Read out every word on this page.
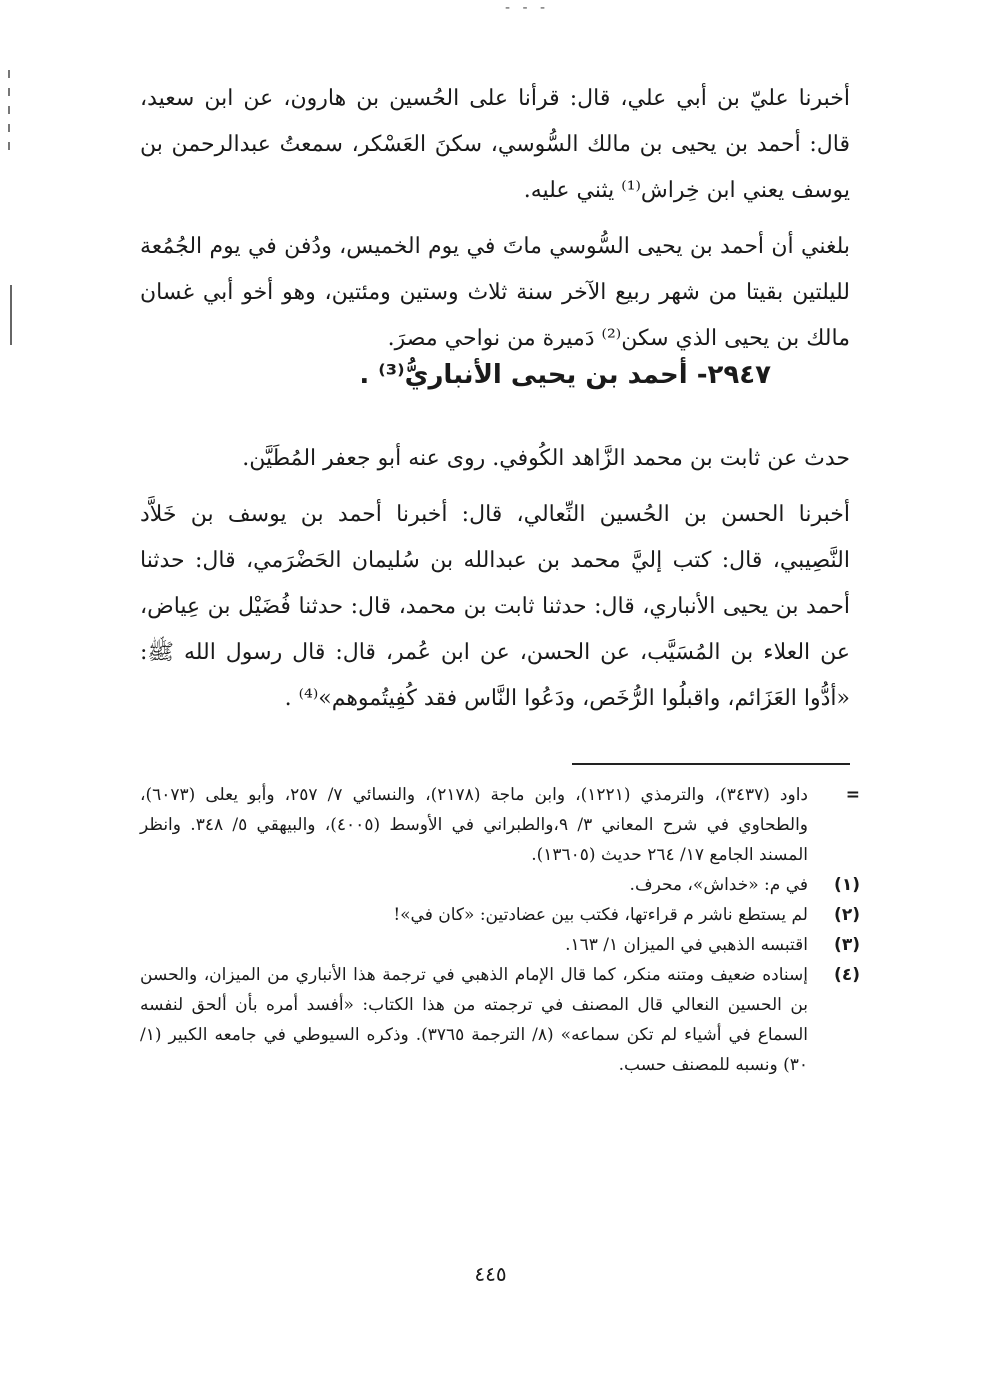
- - -

أخبرنا عليّ بن أبي علي، قال: قرأنا على الحُسين بن هارون، عن ابن سعيد، قال: أحمد بن يحيى بن مالك السُّوسي، سكنَ العَسْكر، سمعتُ عبدالرحمن بن يوسف يعني ابن خِراش⁽¹⁾ يثني عليه.

بلغني أن أحمد بن يحيى السُّوسي ماتَ في يوم الخميس، ودُفن في يوم الجُمُعة لليلتين بقيتا من شهر ربيع الآخر سنة ثلاث وستين ومئتين، وهو أخو أبي غسان مالك بن يحيى الذي سكن⁽²⁾ دَميرة من نواحي مصرَ.

٢٩٤٧- أحمد بن يحيى الأنباريُّ⁽³⁾ .

حدث عن ثابت بن محمد الزَّاهد الكُوفي. روى عنه أبو جعفر المُطَيَّن.

أخبرنا الحسن بن الحُسين النِّعالي، قال: أخبرنا أحمد بن يوسف بن خَلاَّد النَّصِيبي، قال: كتب إليَّ محمد بن عبدالله بن سُليمان الحَضْرَمي، قال: حدثنا أحمد بن يحيى الأنباري، قال: حدثنا ثابت بن محمد، قال: حدثنا فُضَيْل بن عِياض، عن العلاء بن المُسَيَّب، عن الحسن، عن ابن عُمر، قال: قال رسول الله ﷺ: «أدُّوا العَزَائم، واقبلُوا الرُّخَص، ودَعُوا النَّاس فقد كُفِيتُموهم»⁽⁴⁾ .

=
داود (٣٤٣٧)، والترمذي (١٢٢١)، وابن ماجة (٢١٧٨)، والنسائي ٧/ ٢٥٧، وأبو يعلى (٦٠٧٣)، والطحاوي في شرح المعاني ٣/ ٩،والطبراني في الأوسط (٤٠٠٥)، والبيهقي ٥/ ٣٤٨. وانظر المسند الجامع ١٧/ ٢٦٤ حديث (١٣٦٠٥).
(١)
في م: «خداش»، محرف.
(٢)
لم يستطع ناشر م قراءتها، فكتب بين عضادتين: «كان في»!
(٣)
اقتبسه الذهبي في الميزان ١/ ١٦٣.
(٤)
إسناده ضعيف ومتنه منكر، كما قال الإمام الذهبي في ترجمة هذا الأنباري من الميزان، والحسن بن الحسين النعالي قال المصنف في ترجمته من هذا الكتاب: «أفسد أمره بأن ألحق لنفسه السماع في أشياء لم تكن سماعه» (٨/ الترجمة ٣٧٦٥). وذكره السيوطي في جامعه الكبير (١/ ٣٠) ونسبه للمصنف حسب.
٤٤٥
